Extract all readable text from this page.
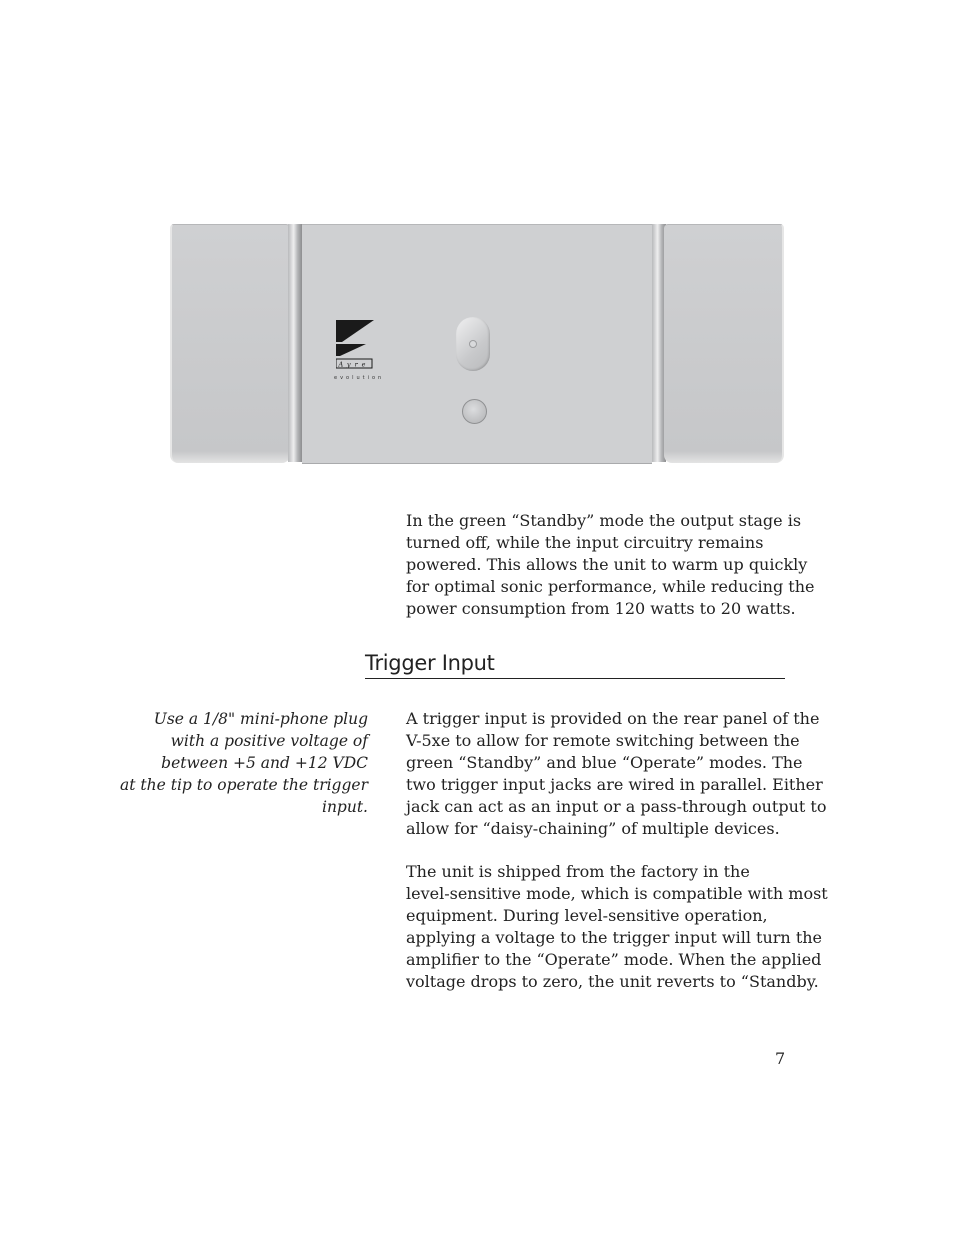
Ayre
evolution
In the green “Standby” mode the output stage is
turned off, while the input circuitry remains
powered. This allows the unit to warm up quickly
for optimal sonic performance, while reducing the
power consumption from 120 watts to 20 watts.
Trigger Input
Use a 1/8" mini-phone plug
with a positive voltage of
between +5 and +12 VDC
at the tip to operate the trigger
input.
A trigger input is provided on the rear panel of the
V-5xe to allow for remote switching between the
green “Standby” and blue “Operate” modes. The
two trigger input jacks are wired in parallel. Either
jack can act as an input or a pass-through output to
allow for “daisy-chaining” of multiple devices.
The unit is shipped from the factory in the
level-sensitive mode, which is compatible with most
equipment. During level-sensitive operation,
applying a voltage to the trigger input will turn the
amplifier to the “Operate” mode. When the applied
voltage drops to zero, the unit reverts to “Standby.
7
